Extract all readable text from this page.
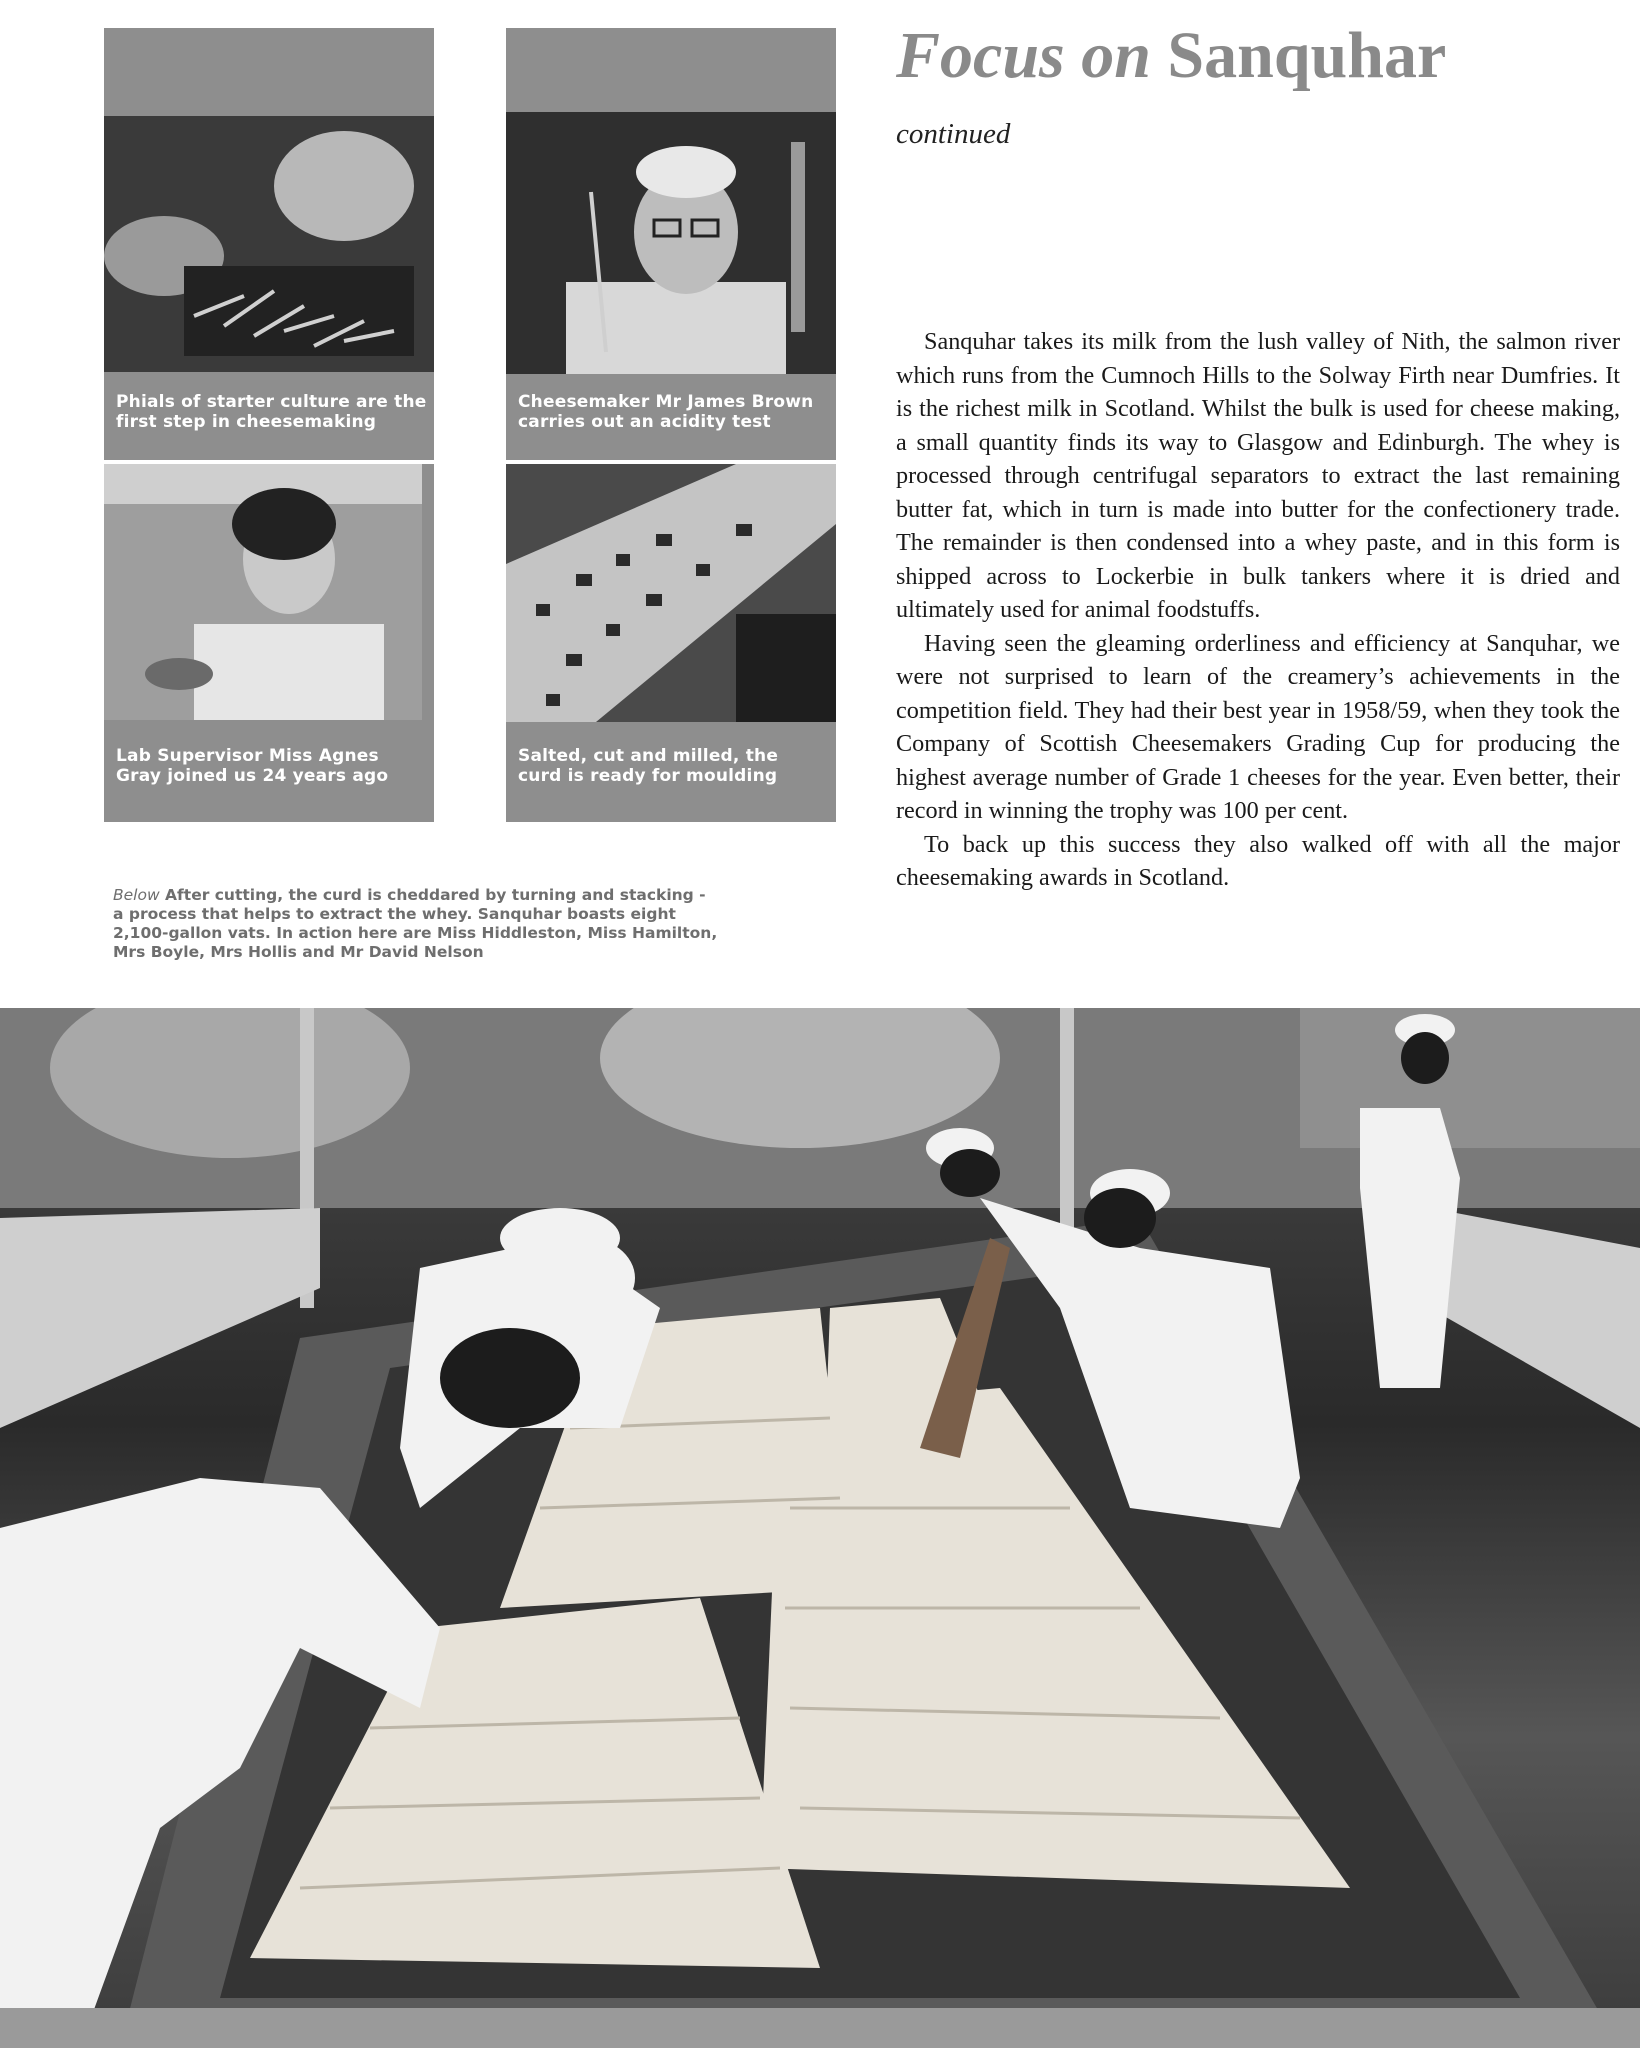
Focus on Sanquhar

continued

Phials of starter culture are the
first step in cheesemaking
Cheesemaker Mr James Brown
carries out an acidity test
Lab Supervisor Miss Agnes
Gray joined us 24 years ago
Salted, cut and milled, the
curd is ready for moulding
Below After cutting, the curd is cheddared by turning and stacking -
a process that helps to extract the whey. Sanquhar boasts eight
2,100-gallon vats. In action here are Miss Hiddleston, Miss Hamilton,
Mrs Boyle, Mrs Hollis and Mr David Nelson

Sanquhar takes its milk from the lush valley of Nith, the salmon river which runs from the Cumnoch Hills to the Solway Firth near Dumfries. It is the richest milk in Scotland. Whilst the bulk is used for cheese making, a small quantity finds its way to Glasgow and Edinburgh. The whey is processed through centrifugal separators to extract the last remaining butter fat, which in turn is made into butter for the confectionery trade. The remainder is then condensed into a whey paste, and in this form is shipped across to Lockerbie in bulk tankers where it is dried and ultimately used for animal foodstuffs.

Having seen the gleaming orderliness and efficiency at Sanquhar, we were not surprised to learn of the creamery’s achievements in the competition field. They had their best year in 1958/59, when they took the Company of Scottish Cheesemakers Grading Cup for producing the highest average number of Grade 1 cheeses for the year. Even better, their record in winning the trophy was 100 per cent.

To back up this success they also walked off with all the major cheesemaking awards in Scotland.
